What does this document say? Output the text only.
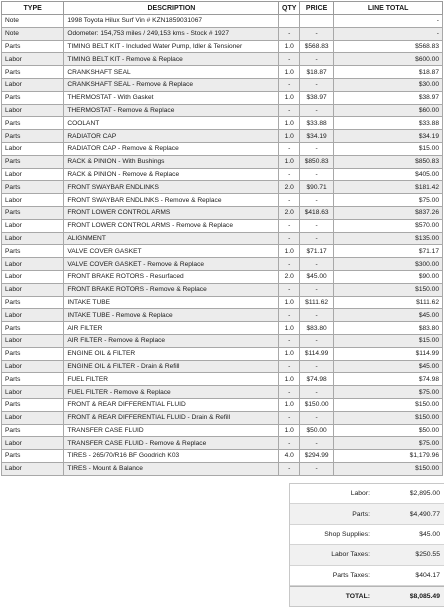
TYPE	DESCRIPTION	QTY	PRICE	LINE TOTAL
Note	1998 Toyota Hilux Surf Vin # KZN1859031067			-
Note	Odometer: 154,753 miles / 249,153 kms - Stock # 1927	-	-	-
Parts	TIMING BELT KIT - Included Water Pump, Idler & Tensioner	1.0	$568.83	$568.83
Labor	TIMING BELT KIT - Remove & Replace	-	-	$600.00
Parts	CRANKSHAFT SEAL	1.0	$18.87	$18.87
Labor	CRANKSHAFT SEAL - Remove & Replace	-	-	$30.00
Parts	THERMOSTAT - With Gasket	1.0	$38.97	$38.97
Labor	THERMOSTAT - Remove & Replace	-	-	$60.00
Parts	COOLANT	1.0	$33.88	$33.88
Parts	RADIATOR CAP	1.0	$34.19	$34.19
Labor	RADIATOR CAP - Remove & Replace	-	-	$15.00
Parts	RACK & PINION - With Bushings	1.0	$850.83	$850.83
Labor	RACK & PINION - Remove & Replace	-	-	$405.00
Parts	FRONT SWAYBAR ENDLINKS	2.0	$90.71	$181.42
Labor	FRONT SWAYBAR ENDLINKS - Remove & Replace	-	-	$75.00
Parts	FRONT LOWER CONTROL ARMS	2.0	$418.63	$837.26
Labor	FRONT LOWER CONTROL ARMS - Remove & Replace	-	-	$570.00
Labor	ALIGNMENT	-	-	$135.00
Parts	VALVE COVER GASKET	1.0	$71.17	$71.17
Labor	VALVE COVER GASKET - Remove & Replace	-	-	$300.00
Labor	FRONT BRAKE ROTORS - Resurfaced	2.0	$45.00	$90.00
Labor	FRONT BRAKE ROTORS - Remove & Replace	-	-	$150.00
Parts	INTAKE TUBE	1.0	$111.62	$111.62
Labor	INTAKE TUBE - Remove & Replace	-	-	$45.00
Parts	AIR FILTER	1.0	$83.80	$83.80
Labor	AIR FILTER - Remove & Replace	-	-	$15.00
Parts	ENGINE OIL & FILTER	1.0	$114.99	$114.99
Labor	ENGINE OIL & FILTER - Drain & Refill	-	-	$45.00
Parts	FUEL FILTER	1.0	$74.98	$74.98
Labor	FUEL FILTER - Remove & Replace	-	-	$75.00
Parts	FRONT & REAR DIFFERENTIAL FLUID	1.0	$150.00	$150.00
Labor	FRONT & REAR DIFFERENTIAL FLUID - Drain & Refill	-	-	$150.00
Parts	TRANSFER CASE FLUID	1.0	$50.00	$50.00
Labor	TRANSFER CASE FLUID - Remove & Replace	-	-	$75.00
Parts	TIRES - 265/70/R16 BF Goodrich K03	4.0	$294.99	$1,179.96
Labor	TIRES - Mount & Balance	-	-	$150.00
Labor:	$2,895.00
Parts:	$4,490.77
Shop Supplies:	$45.00
Labor Taxes:	$250.55
Parts Taxes:	$404.17
TOTAL:	$8,085.49
